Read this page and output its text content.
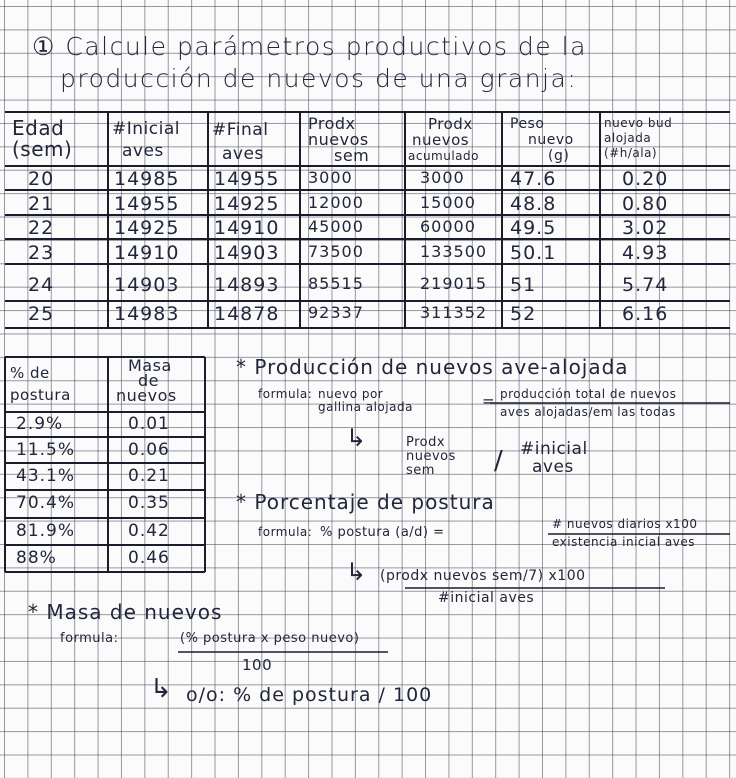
① Calcule parámetros productivos de la
producción de nuevos de una granja:
Edad
(sem)
#Inicial
aves
#Final
aves
Prodx
nuevos
sem
Prodx
nuevos
acumulado
Peso
nuevo
(g)
nuevo bud
alojada
(#h/ala)
20	14985 14955 3000	3000 47.6	0.20
21	14955 14925 12000	15000 48.8	0.80
22	14925 14910 45000	60000 49.5	3.02
23	14910 14903 73500	133500 50.1	4.93
24	14903 14893 85515	219015 51	5.74
25	14983 14878 92337	311352 52	6.16
% de
postura
Masa
de
nuevos
2.9%	0.01
11.5%	0.06
43.1%	0.21
70.4%	0.35
81.9%	0.42
88%	0.46
* Producción de nuevos ave-alojada
formula: nuevo por
gallina alojada	= producción total de nuevos
aves alojadas/em las todas
↳	Prodx
nuevos
sem	/ #inicial
aves
* Porcentaje de postura
formula: % postura (a/d) =
# nuevos diarios x100
existencia inicial aves
↳ (prodx nuevos sem/7) x100
#inicial aves
* Masa de nuevos
formula:	(% postura x peso nuevo)
100
↳ o/o: % de postura / 100
